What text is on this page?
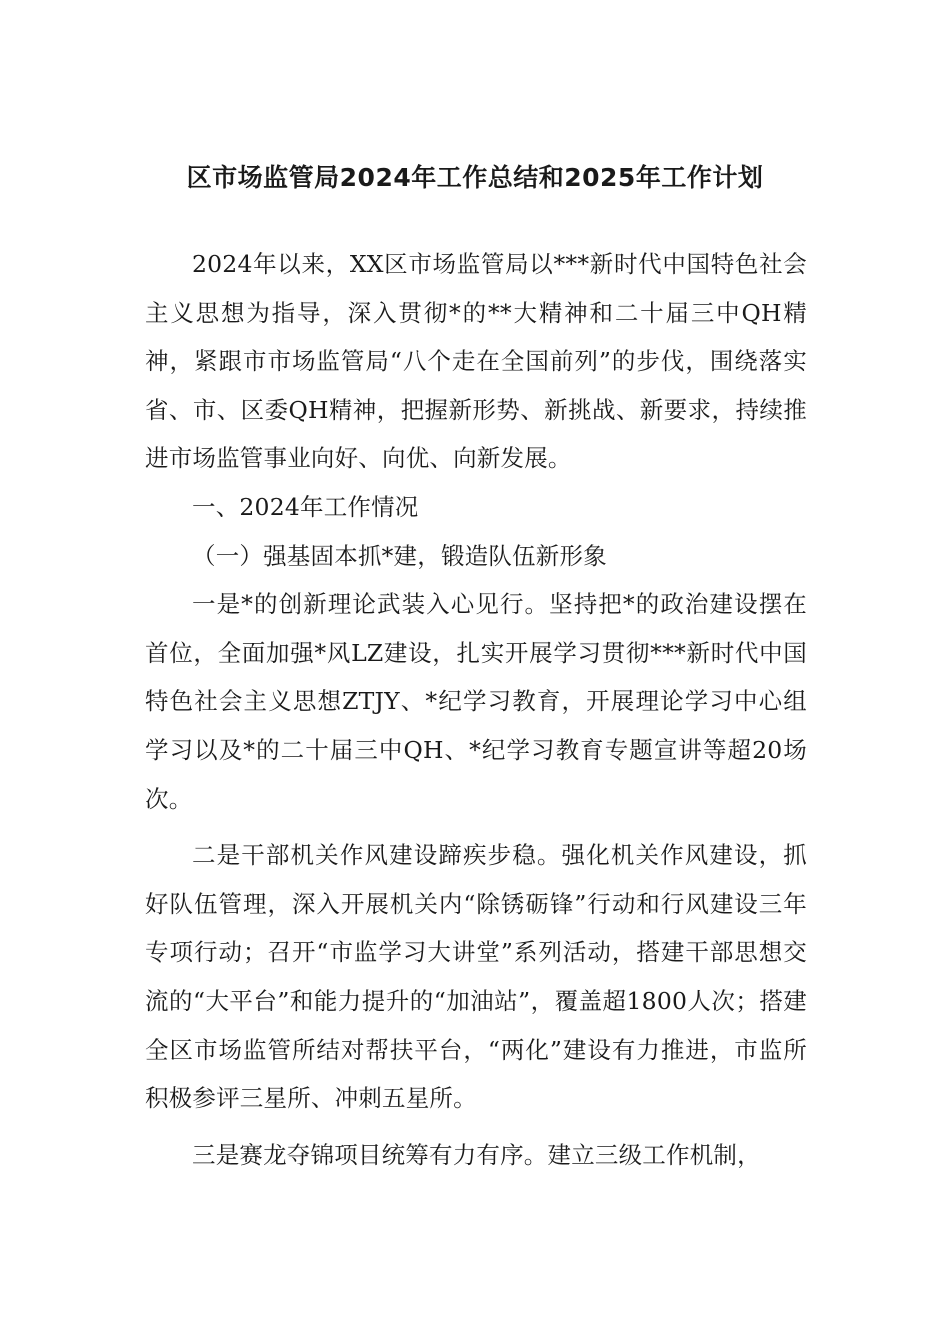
区市场监管局2024年工作总结和2025年工作计划

2024年以来，XX区市场监管局以***新时代中国特色社会主义思想为指导，深入贯彻*的**大精神和二十届三中QH精神，紧跟市市场监管局“八个走在全国前列”的步伐，围绕落实省、市、区委QH精神，把握新形势、新挑战、新要求，持续推进市场监管事业向好、向优、向新发展。

一、2024年工作情况

（一）强基固本抓*建，锻造队伍新形象

一是*的创新理论武装入心见行。坚持把*的政治建设摆在首位，全面加强*风LZ建设，扎实开展学习贯彻***新时代中国特色社会主义思想ZTJY、*纪学习教育，开展理论学习中心组学习以及*的二十届三中QH、*纪学习教育专题宣讲等超20场次。

二是干部机关作风建设蹄疾步稳。强化机关作风建设，抓好队伍管理，深入开展机关内“除锈砺锋”行动和行风建设三年专项行动；召开“市监学习大讲堂”系列活动，搭建干部思想交流的“大平台”和能力提升的“加油站”，覆盖超1800人次；搭建全区市场监管所结对帮扶平台，“两化”建设有力推进，市监所积极参评三星所、冲刺五星所。

三是赛龙夺锦项目统筹有力有序。建立三级工作机制，
